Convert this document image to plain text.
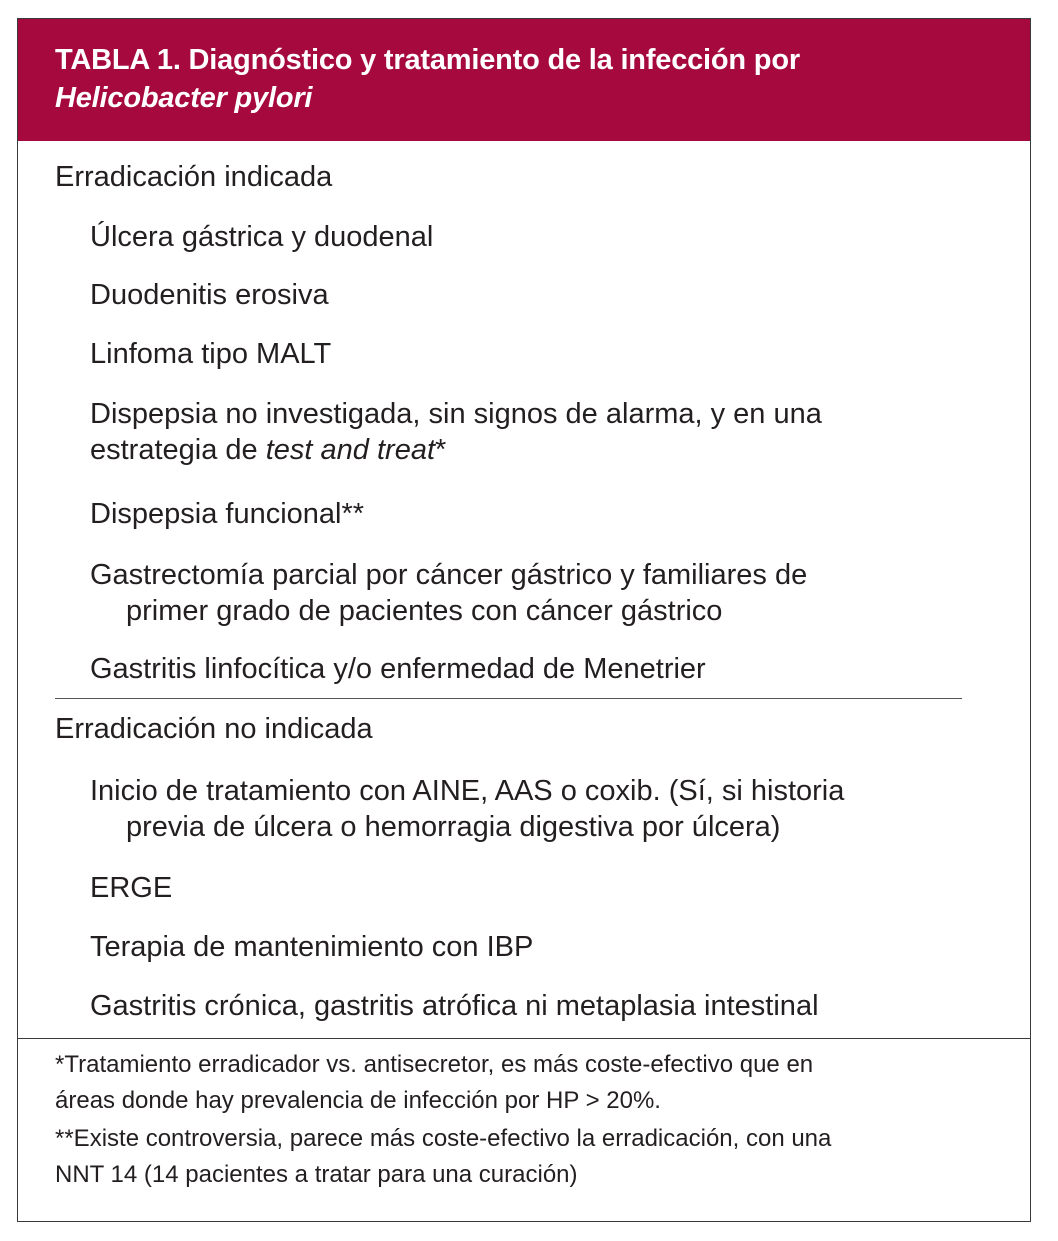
TABLA 1. Diagnóstico y tratamiento de la infección por
Helicobacter pylori
Erradicación indicada
Úlcera gástrica y duodenal
Duodenitis erosiva
Linfoma tipo MALT
Dispepsia no investigada, sin signos de alarma, y en una
estrategia de test and treat*
Dispepsia funcional**
Gastrectomía parcial por cáncer gástrico y familiares de
primer grado de pacientes con cáncer gástrico
Gastritis linfocítica y/o enfermedad de Menetrier
Erradicación no indicada
Inicio de tratamiento con AINE, AAS o coxib. (Sí, si historia
previa de úlcera o hemorragia digestiva por úlcera)
ERGE
Terapia de mantenimiento con IBP
Gastritis crónica, gastritis atrófica ni metaplasia intestinal
*Tratamiento erradicador vs. antisecretor, es más coste-efectivo que en
áreas donde hay prevalencia de infección por HP > 20%.
**Existe controversia, parece más coste-efectivo la erradicación, con una
NNT 14 (14 pacientes a tratar para una curación)
